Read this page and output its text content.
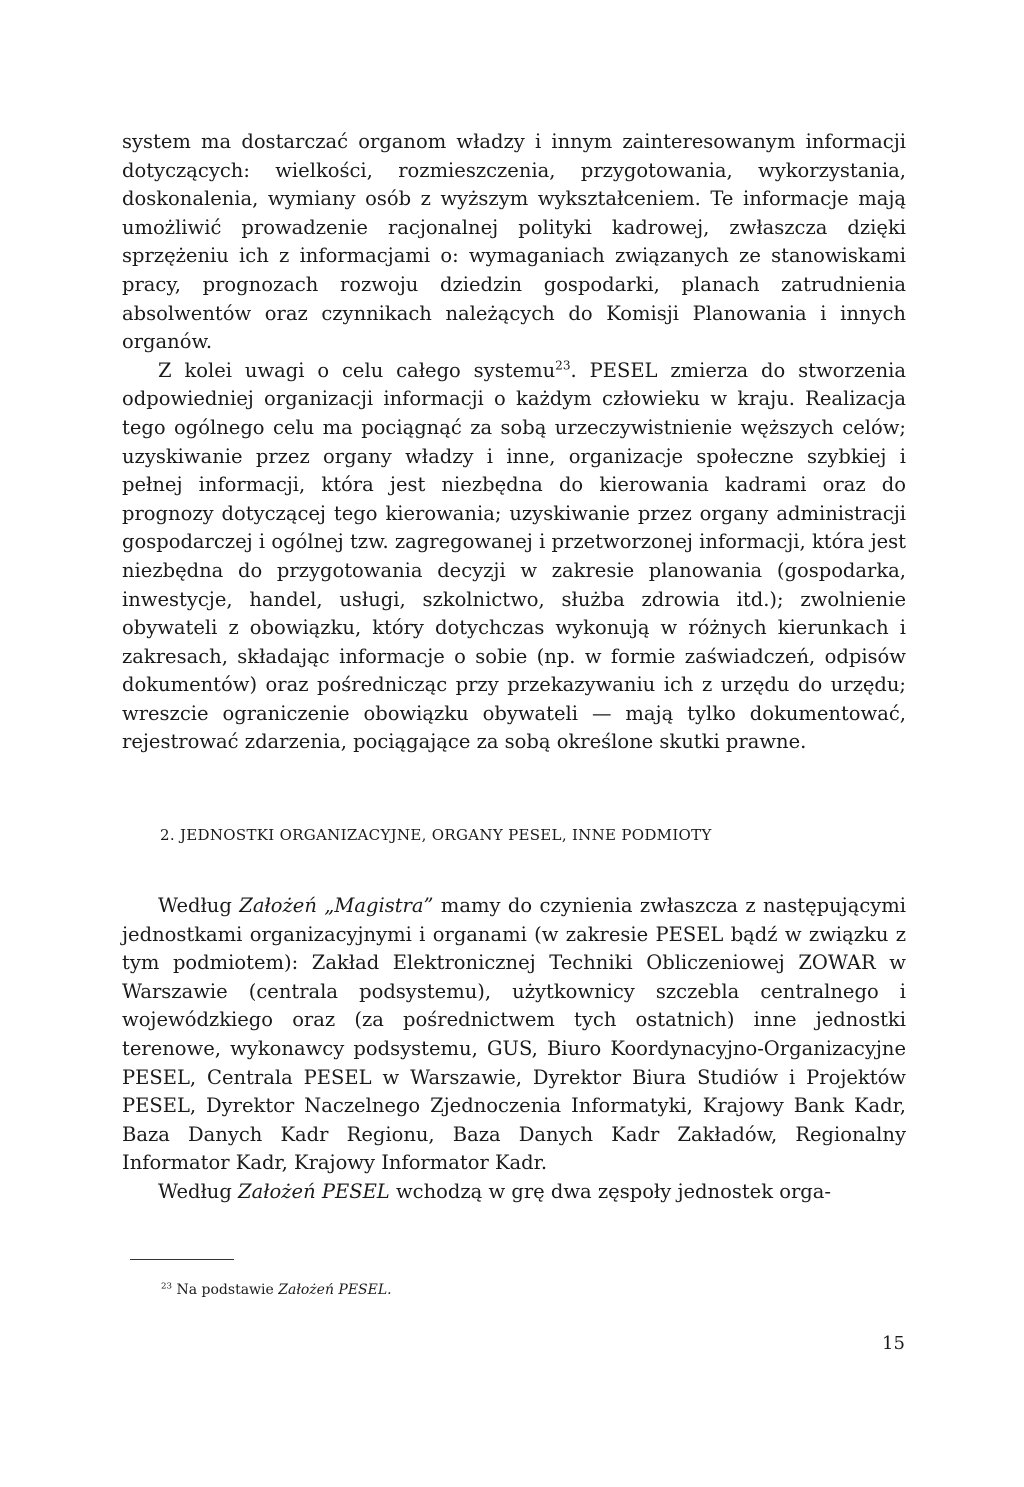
system ma dostarczać organom władzy i innym zainteresowanym informacji dotyczących: wielkości, rozmieszczenia, przygotowania, wykorzystania, doskonalenia, wymiany osób z wyższym wykształceniem. Te informacje mają umożliwić prowadzenie racjonalnej polityki kadrowej, zwłaszcza dzięki sprzężeniu ich z informacjami o: wymaganiach związanych ze stanowiskami pracy, prognozach rozwoju dziedzin gospodarki, planach zatrudnienia absolwentów oraz czynnikach należących do Komisji Planowania i innych organów.

Z kolei uwagi o celu całego systemu$^{23}$. PESEL zmierza do stworzenia odpowiedniej organizacji informacji o każdym człowieku w kraju. Realizacja tego ogólnego celu ma pociągnąć za sobą urzeczywistnienie węższych celów; uzyskiwanie przez organy władzy i inne, organizacje społeczne szybkiej i pełnej informacji, która jest niezbędna do kierowania kadrami oraz do prognozy dotyczącej tego kierowania; uzyskiwanie przez organy administracji gospodarczej i ogólnej tzw. zagregowanej i przetworzonej informacji, która jest niezbędna do przygotowania decyzji w zakresie planowania (gospodarka, inwestycje, handel, usługi, szkolnictwo, służba zdrowia itd.); zwolnienie obywateli z obowiązku, który dotychczas wykonują w różnych kierunkach i zakresach, składając informacje o sobie (np. w formie zaświadczeń, odpisów dokumentów) oraz pośrednicząc przy przekazywaniu ich z urzędu do urzędu; wreszcie ograniczenie obowiązku obywateli — mają tylko dokumentować, rejestrować zdarzenia, pociągające za sobą określone skutki prawne.

2. JEDNOSTKI ORGANIZACYJNE, ORGANY PESEL, INNE PODMIOTY

Według Założeń „Magistra” mamy do czynienia zwłaszcza z następującymi jednostkami organizacyjnymi i organami (w zakresie PESEL bądź w związku z tym podmiotem): Zakład Elektronicznej Techniki Obliczeniowej ZOWAR w Warszawie (centrala podsystemu), użytkownicy szczebla centralnego i wojewódzkiego oraz (za pośrednictwem tych ostatnich) inne jednostki terenowe, wykonawcy podsystemu, GUS, Biuro Koordynacyjno-Organizacyjne PESEL, Centrala PESEL w Warszawie, Dyrektor Biura Studiów i Projektów PESEL, Dyrektor Naczelnego Zjednoczenia Informatyki, Krajowy Bank Kadr, Baza Danych Kadr Regionu, Baza Danych Kadr Zakładów, Regionalny Informator Kadr, Krajowy Informator Kadr.

Według Założeń PESEL wchodzą w grę dwa zęspoły jednostek orga-

$^{23}$ Na podstawie Założeń PESEL.

15
